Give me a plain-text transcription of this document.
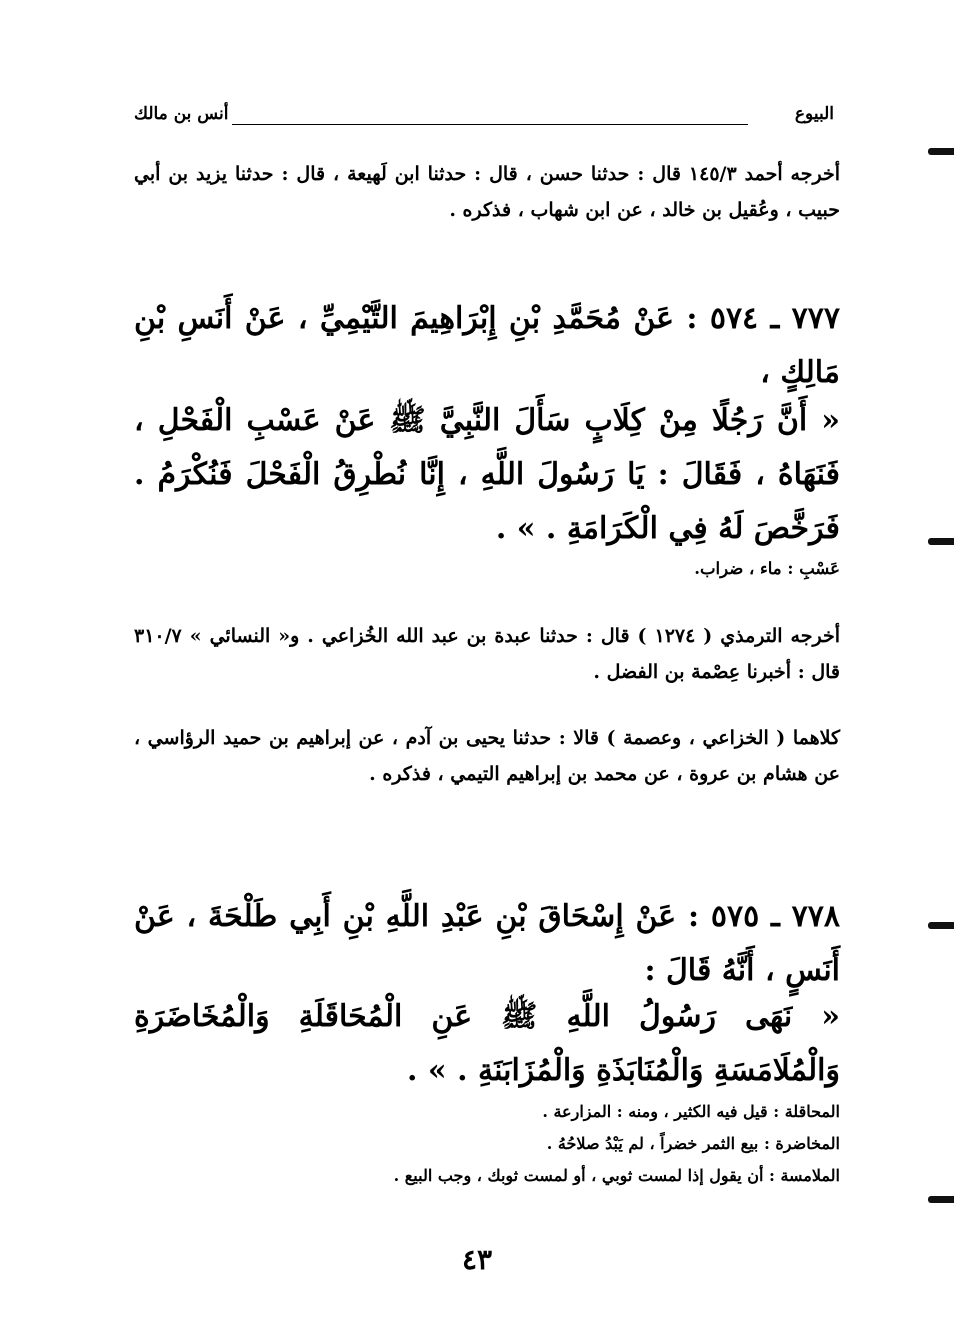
البيوع
أنس بن مالك
أخرجه أحمد ١٤٥/٣ قال : حدثنا حسن ، قال : حدثنا ابن لَهيعة ، قال : حدثنا يزيد بن أبي حبيب ، وعُقيل بن خالد ، عن ابن شهاب ، فذكره .
٧٧٧ ـ ٥٧٤ : عَنْ مُحَمَّدِ بْنِ إِبْرَاهِيمَ التَّيْمِيِّ ، عَنْ أَنَسِ بْنِ مَالِكٍ ،
« أَنَّ رَجُلًا مِنْ كِلَابٍ سَأَلَ النَّبِيَّ ﷺ عَنْ عَسْبِ الْفَحْلِ ، فَنَهَاهُ ، فَقَالَ : يَا رَسُولَ اللَّهِ ، إِنَّا نُطْرِقُ الْفَحْلَ فَنُكْرَمُ . فَرَخَّصَ لَهُ فِي الْكَرَامَةِ . » .
عَسْبِ : ماء ، ضراب.
أخرجه الترمذي ( ١٢٧٤ ) قال : حدثنا عبدة بن عبد الله الخُزاعي . و« النسائي » ٣١٠/٧ قال : أخبرنا عِصْمة بن الفضل .
كلاهما ( الخزاعي ، وعصمة ) قالا : حدثنا يحيى بن آدم ، عن إبراهيم بن حميد الرؤاسي ، عن هشام بن عروة ، عن محمد بن إبراهيم التيمي ، فذكره .
٧٧٨ ـ ٥٧٥ : عَنْ إِسْحَاقَ بْنِ عَبْدِ اللَّهِ بْنِ أَبِي طَلْحَةَ ، عَنْ أَنَسٍ ، أَنَّهُ قَالَ :
« نَهَى رَسُولُ اللَّهِ ﷺ عَنِ الْمُحَاقَلَةِ وَالْمُخَاضَرَةِ وَالْمُلَامَسَةِ وَالْمُنَابَذَةِ وَالْمُزَابَنَةِ . » .
المحاقلة : قيل فيه الكثير ، ومنه : المزارعة .
المخاضرة : بيع الثمر خضراً ، لم يَبْدُ صلاحُهُ .
الملامسة : أن يقول إذا لمست ثوبي ، أو لمست ثوبك ، وجب البيع .
٤٣
